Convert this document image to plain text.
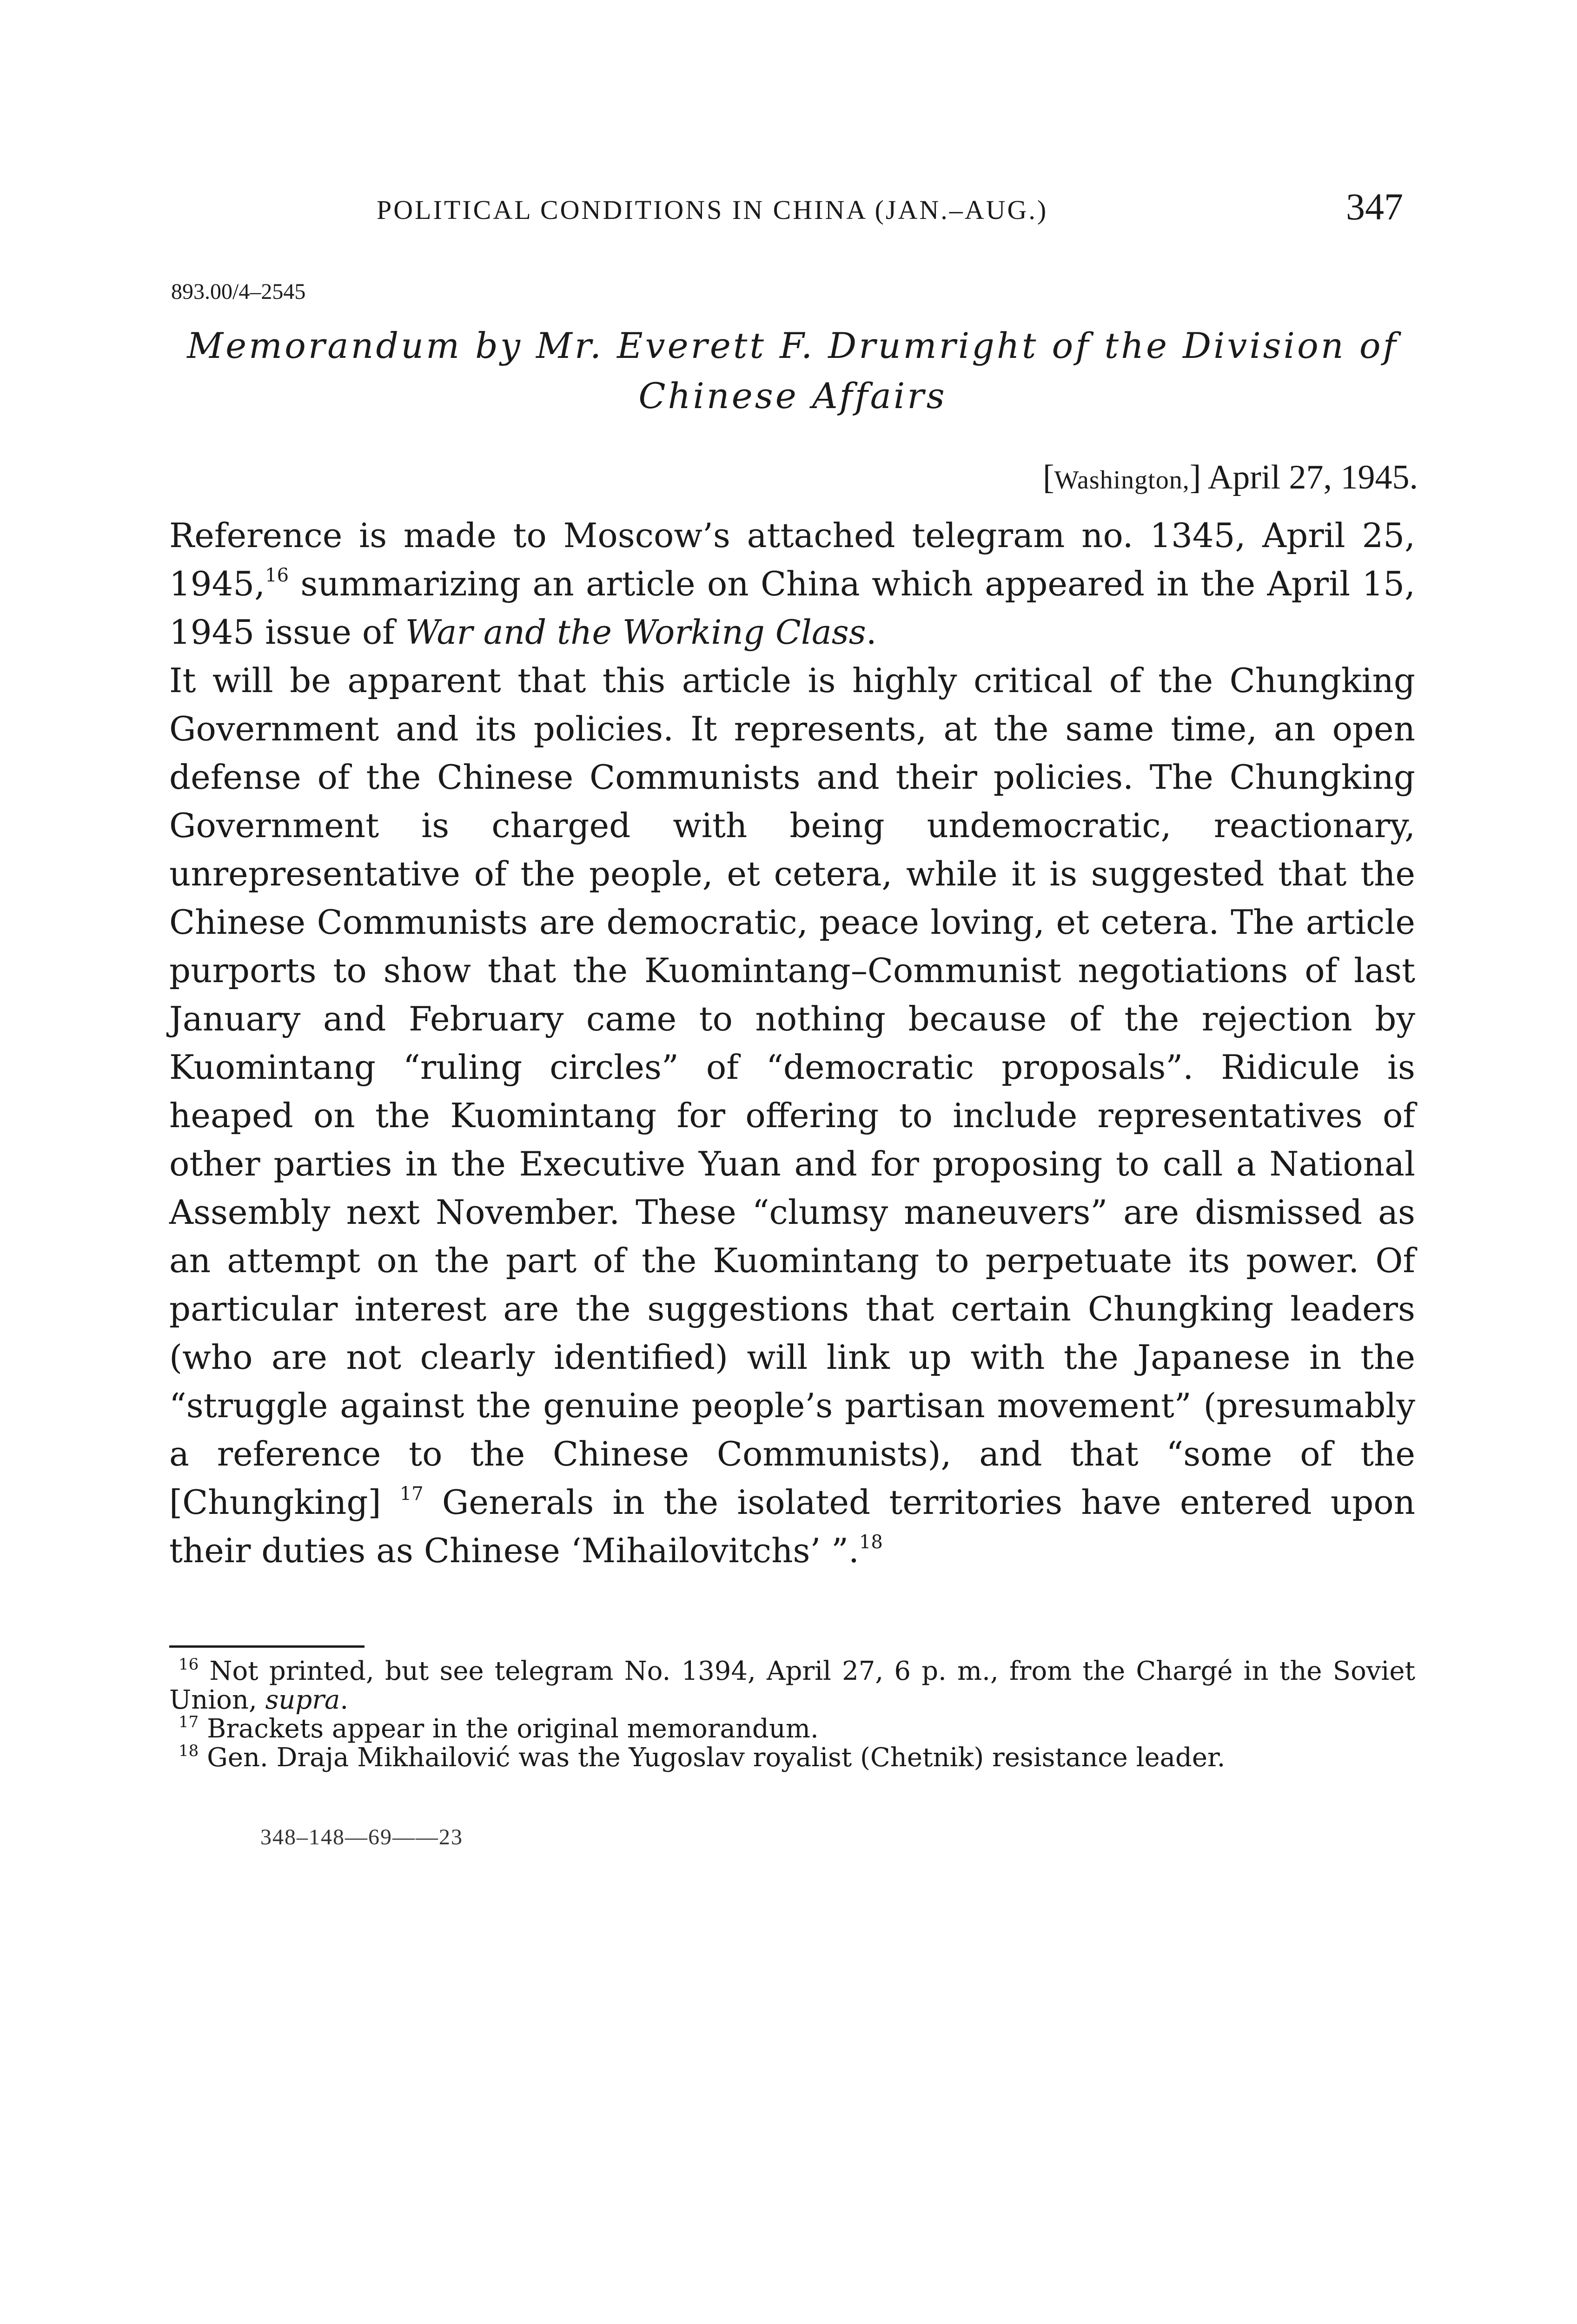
POLITICAL CONDITIONS IN CHINA (JAN.–AUG.)	347
893.00/4–2545
Memorandum by Mr. Everett F. Drumright of the Division of
Chinese Affairs
[Washington,] April 27, 1945.

Reference is made to Moscow’s attached telegram no. 1345, April 25, 1945,16 summarizing an article on China which appeared in the April 15, 1945 issue of War and the Working Class.

It will be apparent that this article is highly critical of the Chungking Government and its policies. It represents, at the same time, an open defense of the Chinese Communists and their policies. The Chungking Government is charged with being undemocratic, reactionary, unrepresentative of the people, et cetera, while it is suggested that the Chinese Communists are democratic, peace loving, et cetera. The article purports to show that the Kuomintang–Communist negotiations of last January and February came to nothing because of the rejection by Kuomintang “ruling circles” of “democratic proposals”. Ridicule is heaped on the Kuomintang for offering to include representatives of other parties in the Executive Yuan and for proposing to call a National Assembly next November. These “clumsy maneuvers” are dismissed as an attempt on the part of the Kuomintang to perpetuate its power. Of particular interest are the suggestions that certain Chungking leaders (who are not clearly identified) will link up with the Japanese in the “struggle against the genuine people’s partisan movement” (presumably a reference to the Chinese Communists), and that “some of the [Chungking] $^{17}$ Generals in the isolated territories have entered upon their duties as Chinese ‘Mihailovitchs’ ”.$^{18}$

$^{16}$ Not printed, but see telegram No. 1394, April 27, 6 p. m., from the Chargé in the Soviet Union, supra.

$^{17}$ Brackets appear in the original memorandum.

$^{18}$ Gen. Draja Mikhailović was the Yugoslav royalist (Chetnik) resistance leader.

348–148—69——23
